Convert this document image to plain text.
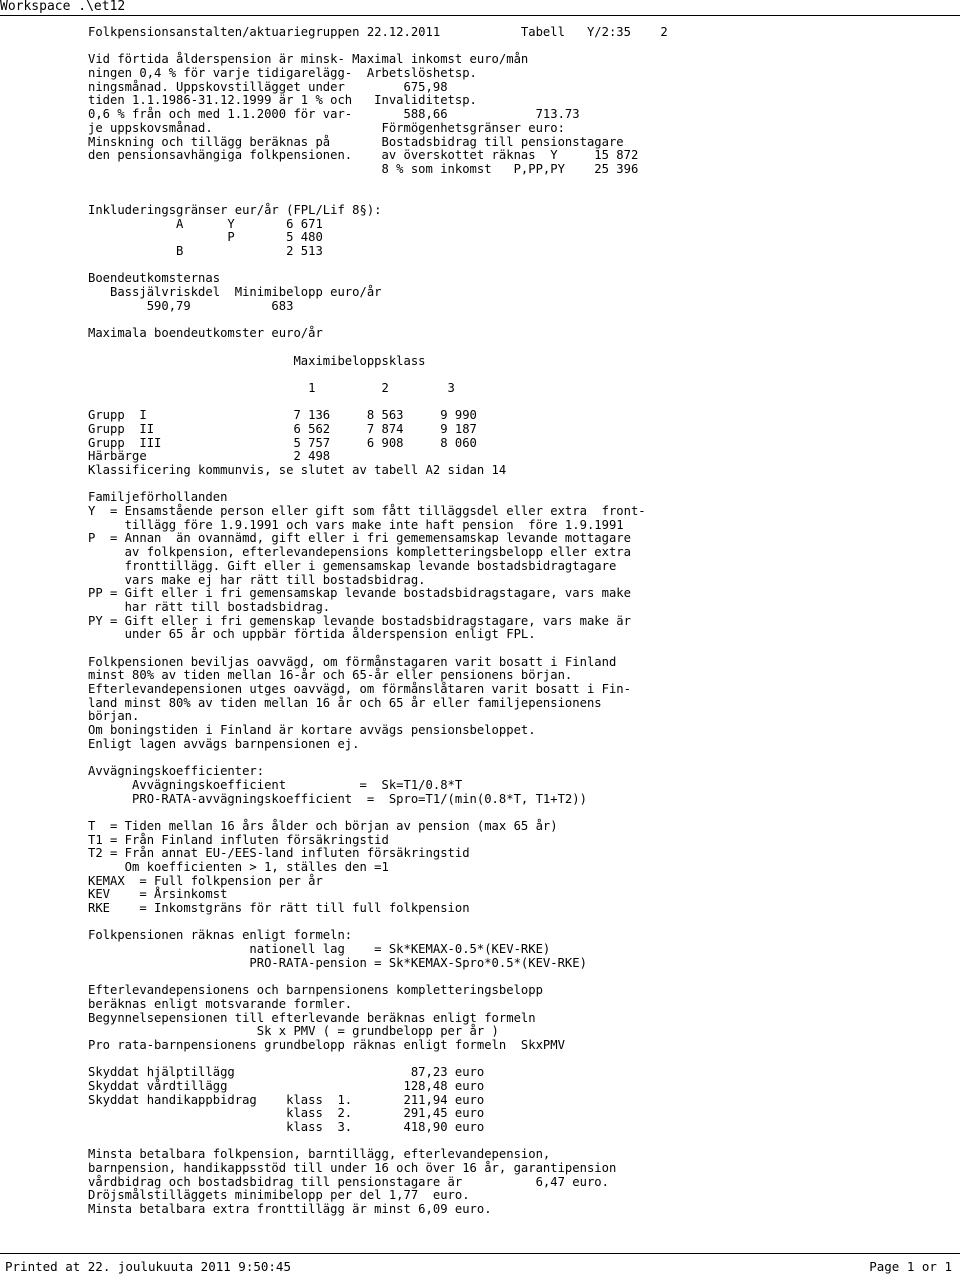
Workspace .\et12
Folkpensionsanstalten/aktuariegruppen 22.12.2011           Tabell   Y/2:35    2
Vid förtida ålderspension är minsk- Maximal inkomst euro/mån
ningen 0,4 % för varje tidigarelägg-  Arbetslöshetsp.
ningsmånad. Uppskovstillägget under        675,98
tiden 1.1.1986-31.12.1999 är 1 % och   Invaliditetsp.
0,6 % från och med 1.1.2000 för var-       588,66            713.73
je uppskovsmånad.                       Förmögenhetsgränser euro:
Minskning och tillägg beräknas på       Bostadsbidrag till pensionstagare
den pensionsavhängiga folkpensionen.    av överskottet räknas  Y     15 872
8 % som inkomst   P,PP,PY    25 396
Inkluderingsgränser eur/år (FPL/Lif 8§):
A      Y       6 671
P       5 480
B              2 513
Boendeutkomsternas
Bassjälvriskdel  Minimibelopp euro/år
590,79           683
Maximala boendeutkomster euro/år
Maximibeloppsklass
1         2        3
Grupp  I                    7 136     8 563     9 990
Grupp  II                   6 562     7 874     9 187
Grupp  III                  5 757     6 908     8 060
Härbärge                    2 498
Klassificering kommunvis, se slutet av tabell A2 sidan 14
Familjeförhollanden
Y  = Ensamstående person eller gift som fått tilläggsdel eller extra  front-
tillägg före 1.9.1991 och vars make inte haft pension  före 1.9.1991
P  = Annan  än ovannämd, gift eller i fri gememensamskap levande mottagare
av folkpension, efterlevandepensions kompletteringsbelopp eller extra
fronttillägg. Gift eller i gemensamskap levande bostadsbidragtagare
vars make ej har rätt till bostadsbidrag.
PP = Gift eller i fri gemensamskap levande bostadsbidragstagare, vars make
har rätt till bostadsbidrag.
PY = Gift eller i fri gemenskap levande bostadsbidragstagare, vars make är
under 65 år och uppbär förtida ålderspension enligt FPL.
Folkpensionen beviljas oavvägd, om förmånstagaren varit bosatt i Finland
minst 80% av tiden mellan 16-år och 65-år eller pensionens början.
Efterlevandepensionen utges oavvägd, om förmånslåtaren varit bosatt i Fin-
land minst 80% av tiden mellan 16 år och 65 år eller familjepensionens
början.
Om boningstiden i Finland är kortare avvägs pensionsbeloppet.
Enligt lagen avvägs barnpensionen ej.
Avvägningskoefficienter:
Avvägningskoefficient          =  Sk=T1/0.8*T
PRO-RATA-avvägningskoefficient  =  Spro=T1/(min(0.8*T, T1+T2))
T  = Tiden mellan 16 års ålder och början av pension (max 65 år)
T1 = Från Finland influten försäkringstid
T2 = Från annat EU-/EES-land influten försäkringstid
Om koefficienten > 1, ställes den =1
KEMAX  = Full folkpension per år
KEV    = Årsinkomst
RKE    = Inkomstgräns för rätt till full folkpension
Folkpensionen räknas enligt formeln:
nationell lag    = Sk*KEMAX-0.5*(KEV-RKE)
PRO-RATA-pension = Sk*KEMAX-Spro*0.5*(KEV-RKE)
Efterlevandepensionens och barnpensionens kompletteringsbelopp
beräknas enligt motsvarande formler.
Begynnelsepensionen till efterlevande beräknas enligt formeln
Sk x PMV ( = grundbelopp per år )
Pro rata-barnpensionens grundbelopp räknas enligt formeln  SkxPMV
Skyddat hjälptillägg                        87,23 euro
Skyddat vårdtillägg                        128,48 euro
Skyddat handikappbidrag    klass  1.       211,94 euro
klass  2.       291,45 euro
klass  3.       418,90 euro
Minsta betalbara folkpension, barntillägg, efterlevandepension,
barnpension, handikappsstöd till under 16 och över 16 år, garantipension
vårdbidrag och bostadsbidrag till pensionstagare är          6,47 euro.
Dröjsmålstilläggets minimibelopp per del 1,77  euro.
Minsta betalbara extra fronttillägg är minst 6,09 euro.
Printed at 22. joulukuuta 2011 9:50:45	Page 1 or 1
